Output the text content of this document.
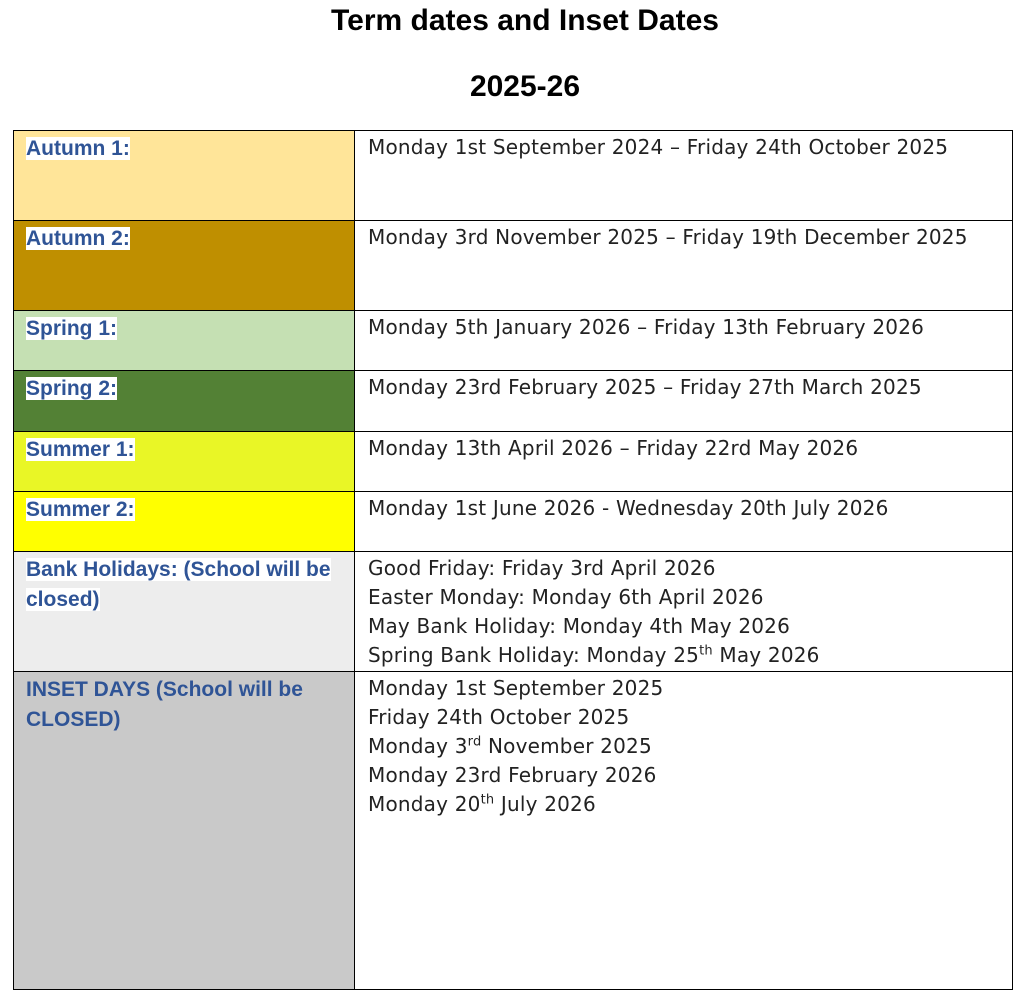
Term dates and Inset Dates
2025-26
Autumn 1:	Monday 1st September 2024 – Friday 24th October 2025

Autumn 2:	Monday 3rd November 2025 – Friday 19th December 2025

Spring 1:	Monday 5th January 2026 – Friday 13th February 2026

Spring 2:	Monday 23rd February 2025 – Friday 27th March 2025

Summer 1:	Monday 13th April 2026 – Friday 22rd May 2026

Summer 2:	Monday 1st June 2026 - Wednesday 20th July 2026

Bank Holidays: (School will be closed)	Good Friday: Friday 3rd April 2026
Easter Monday: Monday 6th April 2026
May Bank Holiday: Monday 4th May 2026
Spring Bank Holiday: Monday 25th May 2026

INSET DAYS (School will be CLOSED)	Monday 1st September 2025
Friday 24th October 2025
Monday 3rd November 2025
Monday 23rd February 2026
Monday 20th July 2026
